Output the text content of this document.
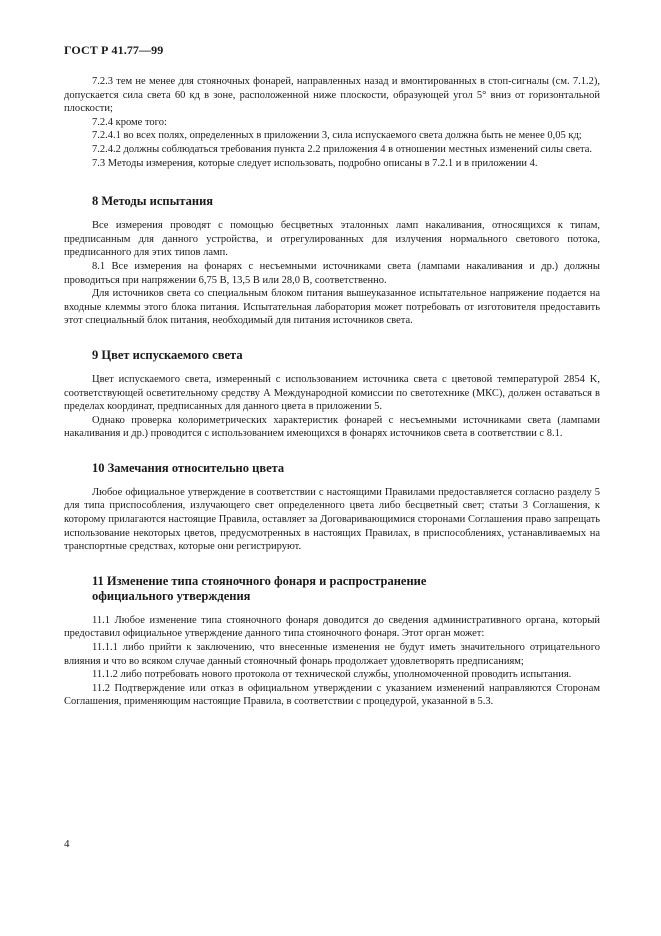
ГОСТ Р 41.77—99

7.2.3 тем не менее для стояночных фонарей, направленных назад и вмонтированных в стоп-сигналы (см. 7.1.2), допускается сила света 60 кд в зоне, расположенной ниже плоскости, образующей угол 5° вниз от горизонтальной плоскости;

7.2.4 кроме того:

7.2.4.1 во всех полях, определенных в приложении 3, сила испускаемого света должна быть не менее 0,05 кд;

7.2.4.2 должны соблюдаться требования пункта 2.2 приложения 4 в отношении местных изменений силы света.

7.3 Методы измерения, которые следует использовать, подробно описаны в 7.2.1 и в приложении 4.

8 Методы испытания

Все измерения проводят с помощью бесцветных эталонных ламп накаливания, относящихся к типам, предписанным для данного устройства, и отрегулированных для излучения нормального светового потока, предписанного для этих типов ламп.

8.1 Все измерения на фонарях с несъемными источниками света (лампами накаливания и др.) должны проводиться при напряжении 6,75 В, 13,5 В или 28,0 В, соответственно.

Для источников света со специальным блоком питания вышеуказанное испытательное напряжение подается на входные клеммы этого блока питания. Испытательная лаборатория может потребовать от изготовителя предоставить этот специальный блок питания, необходимый для питания источников света.

9 Цвет испускаемого света

Цвет испускаемого света, измеренный с использованием источника света с цветовой температурой 2854 K, соответствующей осветительному средству А Международной комиссии по светотехнике (МКС), должен оставаться в пределах координат, предписанных для данного цвета в приложении 5.

Однако проверка колориметрических характеристик фонарей с несъемными источниками света (лампами накаливания и др.) проводится с использованием имеющихся в фонарях источников света в соответствии с 8.1.

10 Замечания относительно цвета

Любое официальное утверждение в соответствии с настоящими Правилами предоставляется согласно разделу 5 для типа приспособления, излучающего свет определенного цвета либо бесцветный свет; статьи 3 Соглашения, к которому прилагаются настоящие Правила, оставляет за Договаривающимися сторонами Соглашения право запрещать использование некоторых цветов, предусмотренных в настоящих Правилах, в приспособлениях, устанавливаемых на транспортные средствах, которые они регистрируют.

11 Изменение типа стояночного фонаря и распространение
официального утверждения

11.1 Любое изменение типа стояночного фонаря доводится до сведения административного органа, который предоставил официальное утверждение данного типа стояночного фонаря. Этот орган может:

11.1.1 либо прийти к заключению, что внесенные изменения не будут иметь значительного отрицательного влияния и что во всяком случае данный стояночный фонарь продолжает удовлетворять предписаниям;

11.1.2 либо потребовать нового протокола от технической службы, уполномоченной проводить испытания.

11.2 Подтверждение или отказ в официальном утверждении с указанием изменений направляются Сторонам Соглашения, применяющим настоящие Правила, в соответствии с процедурой, указанной в 5.3.

4
